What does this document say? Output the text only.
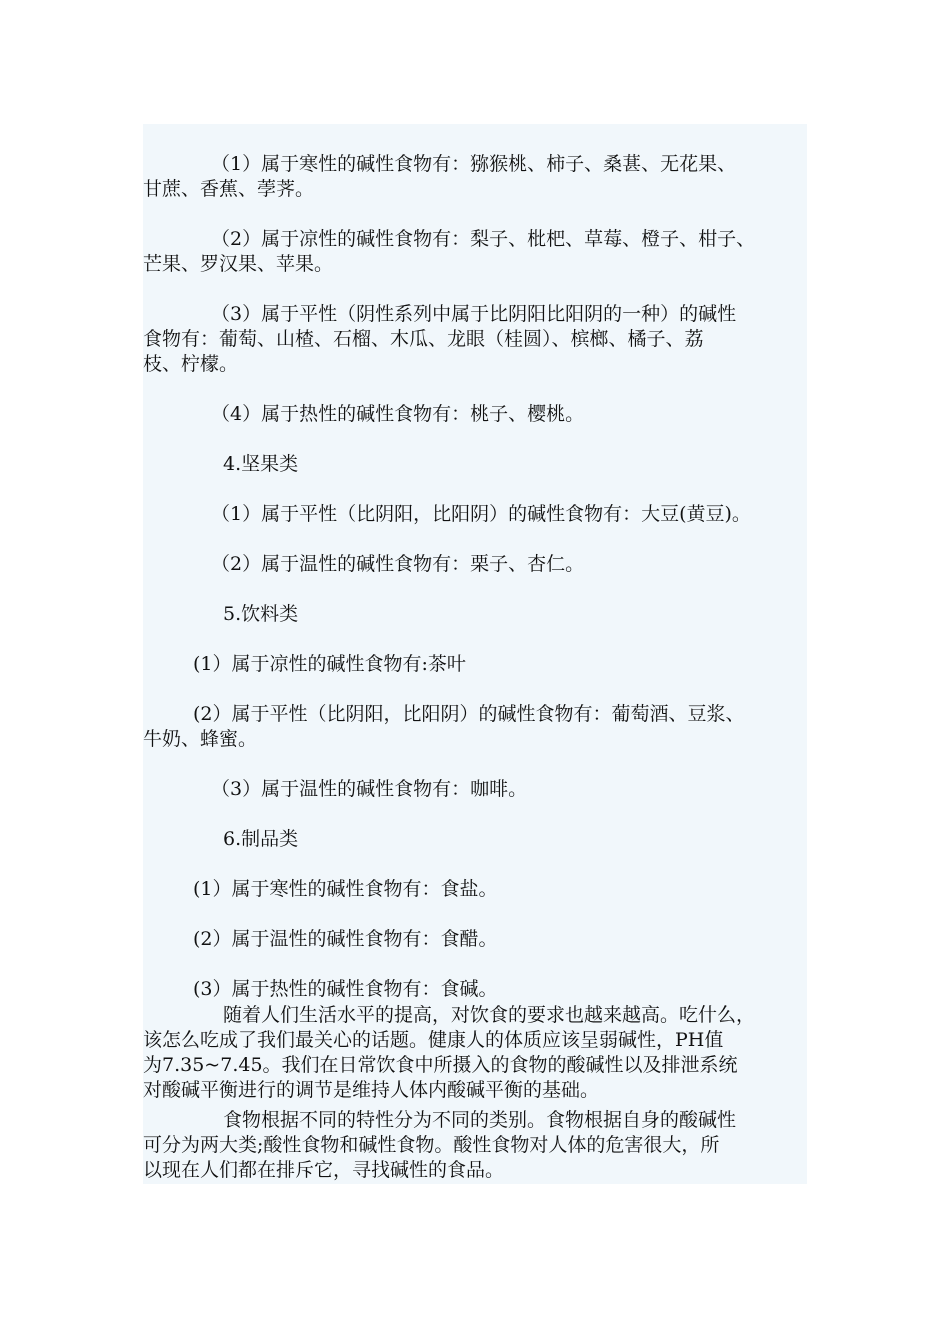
（1）属于寒性的碱性食物有：猕猴桃、柿子、桑葚、无花果、
甘蔗、香蕉、荸荠。
（2）属于凉性的碱性食物有：梨子、枇杷、草莓、橙子、柑子、
芒果、罗汉果、苹果。
（3）属于平性（阴性系列中属于比阴阳比阳阴的一种）的碱性
食物有：葡萄、山楂、石榴、木瓜、龙眼（桂圆）、槟榔、橘子、荔
枝、柠檬。
（4）属于热性的碱性食物有：桃子、樱桃。
4.坚果类
（1）属于平性（比阴阳，比阳阴）的碱性食物有：大豆(黄豆)。
（2）属于温性的碱性食物有：栗子、杏仁。
5.饮料类
(1）属于凉性的碱性食物有:茶叶
(2）属于平性（比阴阳，比阳阴）的碱性食物有：葡萄酒、豆浆、
牛奶、蜂蜜。
（3）属于温性的碱性食物有：咖啡。
6.制品类
(1）属于寒性的碱性食物有：食盐。
(2）属于温性的碱性食物有：食醋。
(3）属于热性的碱性食物有：食碱。
随着人们生活水平的提高，对饮食的要求也越来越高。吃什么，
该怎么吃成了我们最关心的话题。健康人的体质应该呈弱碱性，PH值
为7.35~7.45。我们在日常饮食中所摄入的食物的酸碱性以及排泄系统
对酸碱平衡进行的调节是维持人体内酸碱平衡的基础。
食物根据不同的特性分为不同的类别。食物根据自身的酸碱性
可分为两大类;酸性食物和碱性食物。酸性食物对人体的危害很大，所
以现在人们都在排斥它，寻找碱性的食品。
